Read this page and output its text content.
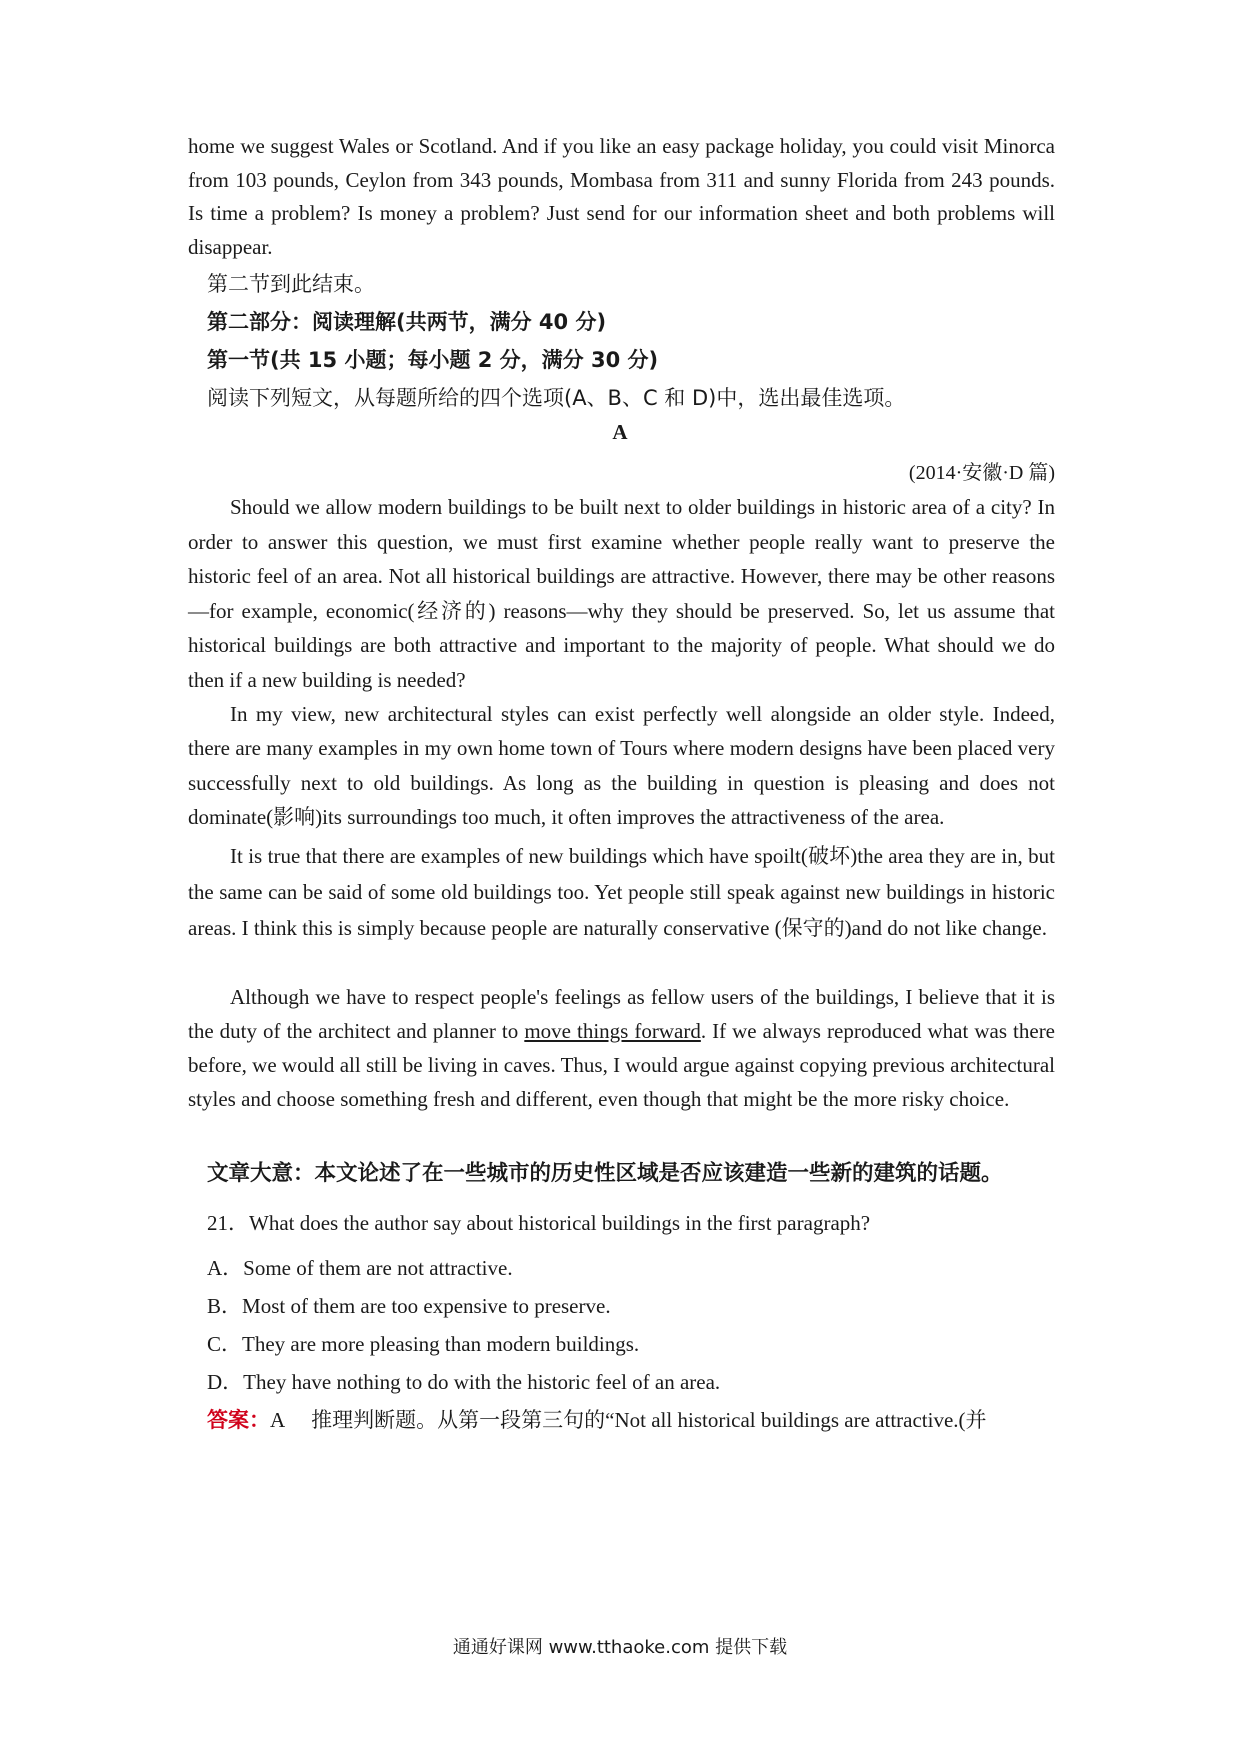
home we suggest Wales or Scotland. And if you like an easy package holiday, you could visit Minorca from 103 pounds, Ceylon from 343 pounds, Mombasa from 311 and sunny Florida from 243 pounds. Is time a problem? Is money a problem? Just send for our information sheet and both problems will disappear.
第二节到此结束。
第二部分：阅读理解(共两节，满分 40 分)
第一节(共 15 小题；每小题 2 分，满分 30 分)
阅读下列短文，从每题所给的四个选项(A、B、C 和 D)中，选出最佳选项。
A
(2014·安徽·D 篇)
Should we allow modern buildings to be built next to older buildings in historic area of a city? In order to answer this question, we must first examine whether people really want to preserve the historic feel of an area. Not all historical buildings are attractive. However, there may be other reasons—for example, economic(经济的) reasons—why they should be preserved. So, let us assume that historical buildings are both attractive and important to the majority of people. What should we do then if a new building is needed?
In my view, new architectural styles can exist perfectly well alongside an older style. Indeed, there are many examples in my own home town of Tours where modern designs have been placed very successfully next to old buildings. As long as the building in question is pleasing and does not dominate(影响)its surroundings too much, it often improves the attractiveness of the area.
It is true that there are examples of new buildings which have spoilt(破坏)the area they are in, but the same can be said of some old buildings too. Yet people still speak against new buildings in historic areas. I think this is simply because people are naturally conservative (保守的)and do not like change.
Although we have to respect people's feelings as fellow users of the buildings, I believe that it is the duty of the architect and planner to move things forward. If we always reproduced what was there before, we would all still be living in caves. Thus, I would argue against copying previous architectural styles and choose something fresh and different, even though that might be the more risky choice.
文章大意：本文论述了在一些城市的历史性区域是否应该建造一些新的建筑的话题。
21．What does the author say about historical buildings in the first paragraph?
A．Some of them are not attractive.
B．Most of them are too expensive to preserve.
C．They are more pleasing than modern buildings.
D．They have nothing to do with the historic feel of an area.
答案：A 推理判断题。从第一段第三句的“Not all historical buildings are attractive.(并
通通好课网 www.tthaoke.com 提供下载
